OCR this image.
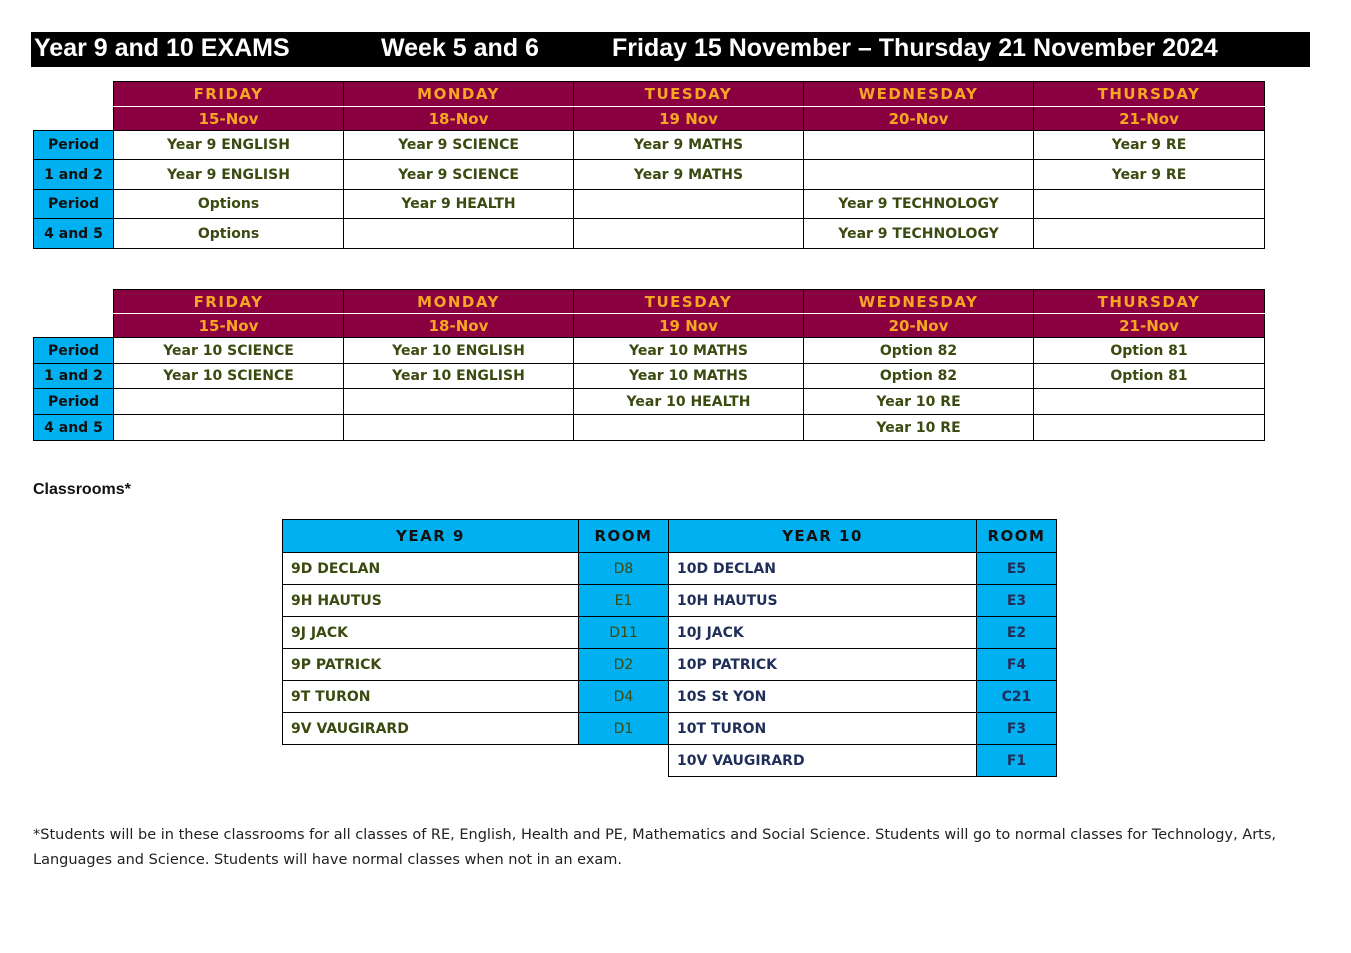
Year 9 and 10 EXAMS	Week 5 and 6	Friday 15 November – Thursday 21 November 2024
	FRIDAY	MONDAY	TUESDAY	WEDNESDAY	THURSDAY
	15-Nov	18-Nov	19 Nov	20-Nov	21-Nov
Period	Year 9 ENGLISH	Year 9 SCIENCE	Year 9 MATHS		Year 9 RE
1 and 2	Year 9 ENGLISH	Year 9 SCIENCE	Year 9 MATHS		Year 9 RE
Period	Options	Year 9 HEALTH		Year 9 TECHNOLOGY	
4 and 5	Options			Year 9 TECHNOLOGY	
	FRIDAY	MONDAY	TUESDAY	WEDNESDAY	THURSDAY
	15-Nov	18-Nov	19 Nov	20-Nov	21-Nov
Period	Year 10 SCIENCE	Year 10 ENGLISH	Year 10 MATHS	Option 82	Option 81
1 and 2	Year 10 SCIENCE	Year 10 ENGLISH	Year 10 MATHS	Option 82	Option 81
Period			Year 10 HEALTH	Year 10 RE	
4 and 5				Year 10 RE	
Classrooms*
YEAR 9	ROOM	YEAR 10	ROOM
9D DECLAN	D8	10D DECLAN	E5
9H HAUTUS	E1	10H HAUTUS	E3
9J JACK	D11	10J JACK	E2
9P PATRICK	D2	10P PATRICK	F4
9T TURON	D4	10S St YON	C21
9V VAUGIRARD	D1	10T TURON	F3
		10V VAUGIRARD	F1
*Students will be in these classrooms for all classes of RE, English, Health and PE, Mathematics and Social Science. Students will go to normal classes for Technology, Arts, Languages and Science. Students will have normal classes when not in an exam.
